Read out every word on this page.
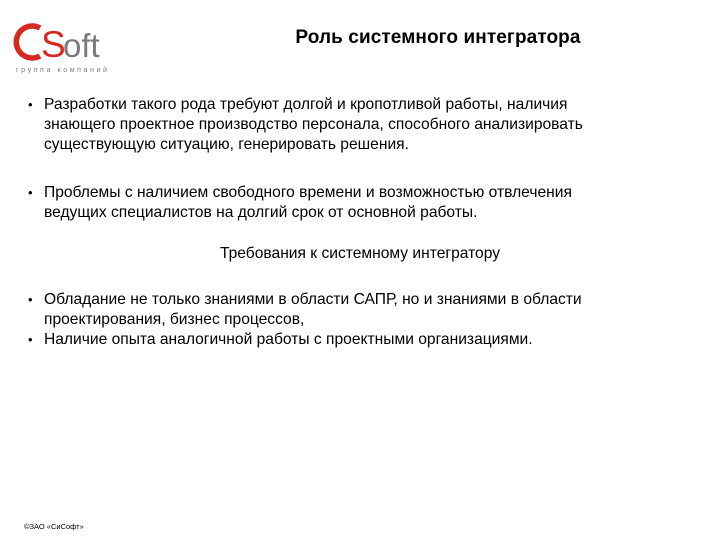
S
oft
группа компаний
Роль системного интегратора
• Разработки такого рода требуют долгой и кропотливой работы, наличия
знающего проектное производство персонала, способного анализировать
существующую ситуацию, генерировать решения.
• Проблемы с наличием свободного времени и возможностью отвлечения
ведущих специалистов на долгий срок от основной работы.
Требования к системному интегратору
• Обладание не только знаниями в области САПР, но и знаниями в области
проектирования, бизнес процессов,
• Наличие опыта аналогичной работы с проектными организациями.
©ЗАО «СиСофт»
